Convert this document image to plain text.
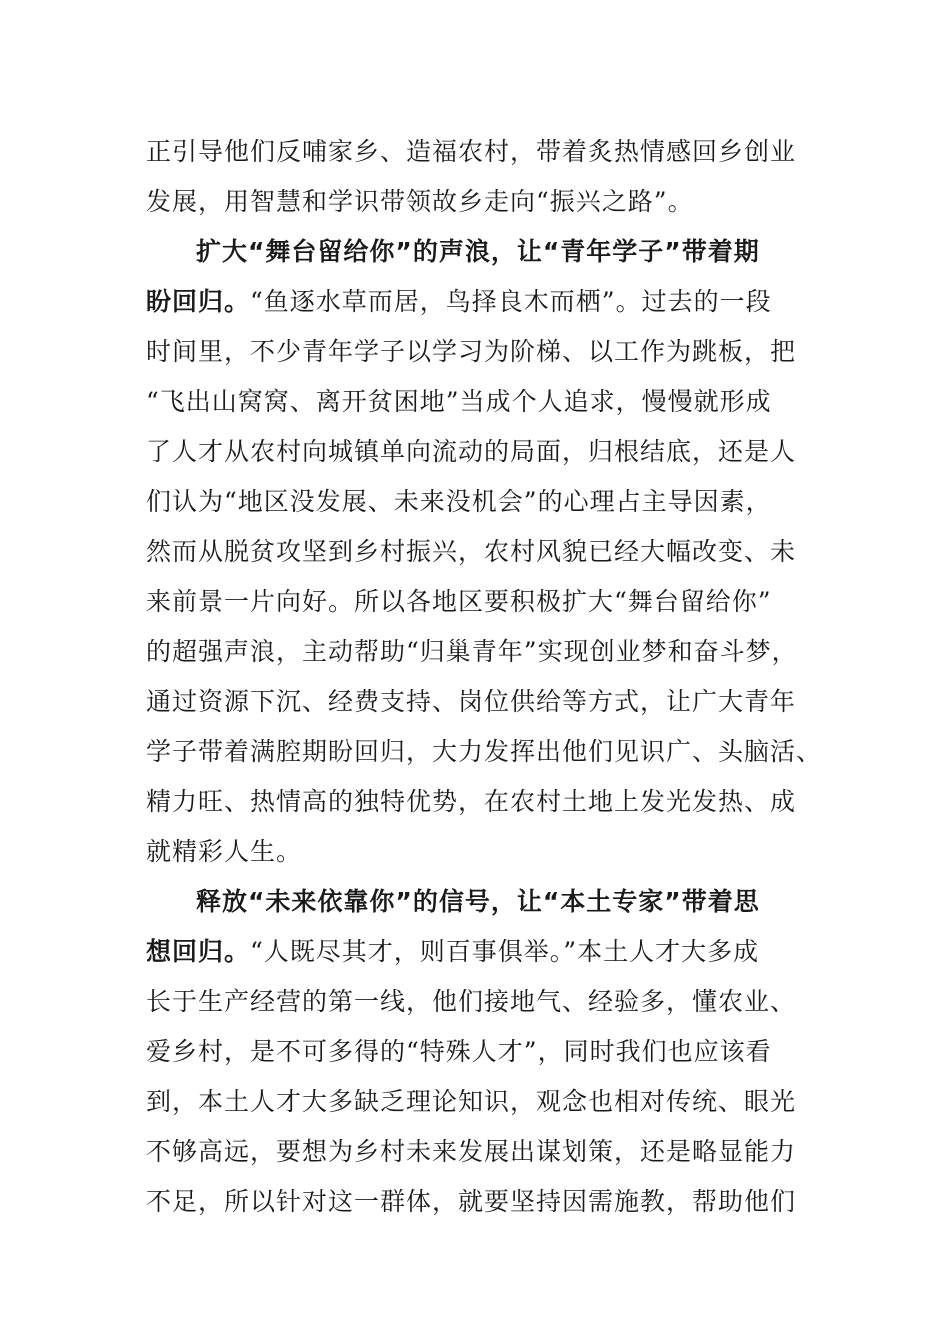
正引导他们反哺家乡、造福农村，带着炙热情感回乡创业
发展，用智慧和学识带领故乡走向“振兴之路”。
扩大“舞台留给你”的声浪，让“青年学子”带着期
盼回归。“鱼逐水草而居，鸟择良木而栖”。过去的一段
时间里，不少青年学子以学习为阶梯、以工作为跳板，把
“飞出山窝窝、离开贫困地”当成个人追求，慢慢就形成
了人才从农村向城镇单向流动的局面，归根结底，还是人
们认为“地区没发展、未来没机会”的心理占主导因素，
然而从脱贫攻坚到乡村振兴，农村风貌已经大幅改变、未
来前景一片向好。所以各地区要积极扩大“舞台留给你”
的超强声浪，主动帮助“归巢青年”实现创业梦和奋斗梦，
通过资源下沉、经费支持、岗位供给等方式，让广大青年
学子带着满腔期盼回归，大力发挥出他们见识广、头脑活、
精力旺、热情高的独特优势，在农村土地上发光发热、成
就精彩人生。
释放“未来依靠你”的信号，让“本土专家”带着思
想回归。“人既尽其才，则百事俱举。”本土人才大多成
长于生产经营的第一线，他们接地气、经验多，懂农业、
爱乡村，是不可多得的“特殊人才”，同时我们也应该看
到，本土人才大多缺乏理论知识，观念也相对传统、眼光
不够高远，要想为乡村未来发展出谋划策，还是略显能力
不足，所以针对这一群体，就要坚持因需施教，帮助他们
